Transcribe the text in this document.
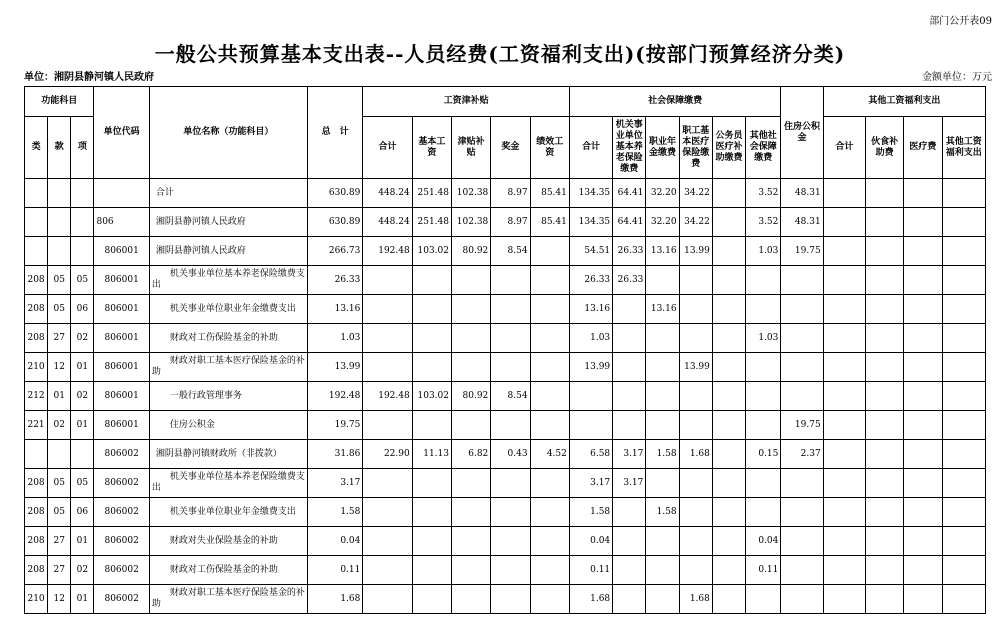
部门公开表09
一般公共预算基本支出表--人员经费(工资福利支出)(按部门预算经济分类)
单位：湘阴县静河镇人民政府	金额单位：万元
功能科目			单位代码	单位名称（功能科目）	总　计	工资津补贴					社会保障缴费						住房公积金	其他工资福利支出			
类	款	项				合计	基本工资	津贴补贴	奖金	绩效工资	合计	机关事业单位基本养老保险缴费	职业年金缴费	职工基本医疗保险缴费	公务员医疗补助缴费	其他社会保障缴费		合计	伙食补助费	医疗费	其他工资福利支出
				合计	630.89	448.24	251.48	102.38	8.97	85.41	134.35	64.41	32.20	34.22		3.52	48.31				
			806	湘阴县静河镇人民政府	630.89	448.24	251.48	102.38	8.97	85.41	134.35	64.41	32.20	34.22		3.52	48.31				
			806001	湘阴县静河镇人民政府	266.73	192.48	103.02	80.92	8.54		54.51	26.33	13.16	13.99		1.03	19.75				
208	05	05	806001	机关事业单位基本养老保险缴费支出	26.33						26.33	26.33									
208	05	06	806001	机关事业单位职业年金缴费支出	13.16						13.16		13.16								
208	27	02	806001	财政对工伤保险基金的补助	1.03						1.03					1.03					
210	12	01	806001	财政对职工基本医疗保险基金的补助	13.99						13.99			13.99							
212	01	02	806001	一般行政管理事务	192.48	192.48	103.02	80.92	8.54												
221	02	01	806001	住房公积金	19.75												19.75				
			806002	湘阴县静河镇财政所（非拨款）	31.86	22.90	11.13	6.82	0.43	4.52	6.58	3.17	1.58	1.68		0.15	2.37				
208	05	05	806002	机关事业单位基本养老保险缴费支出	3.17						3.17	3.17									
208	05	06	806002	机关事业单位职业年金缴费支出	1.58						1.58		1.58								
208	27	01	806002	财政对失业保险基金的补助	0.04						0.04					0.04					
208	27	02	806002	财政对工伤保险基金的补助	0.11						0.11					0.11					
210	12	01	806002	财政对职工基本医疗保险基金的补助	1.68						1.68			1.68							
